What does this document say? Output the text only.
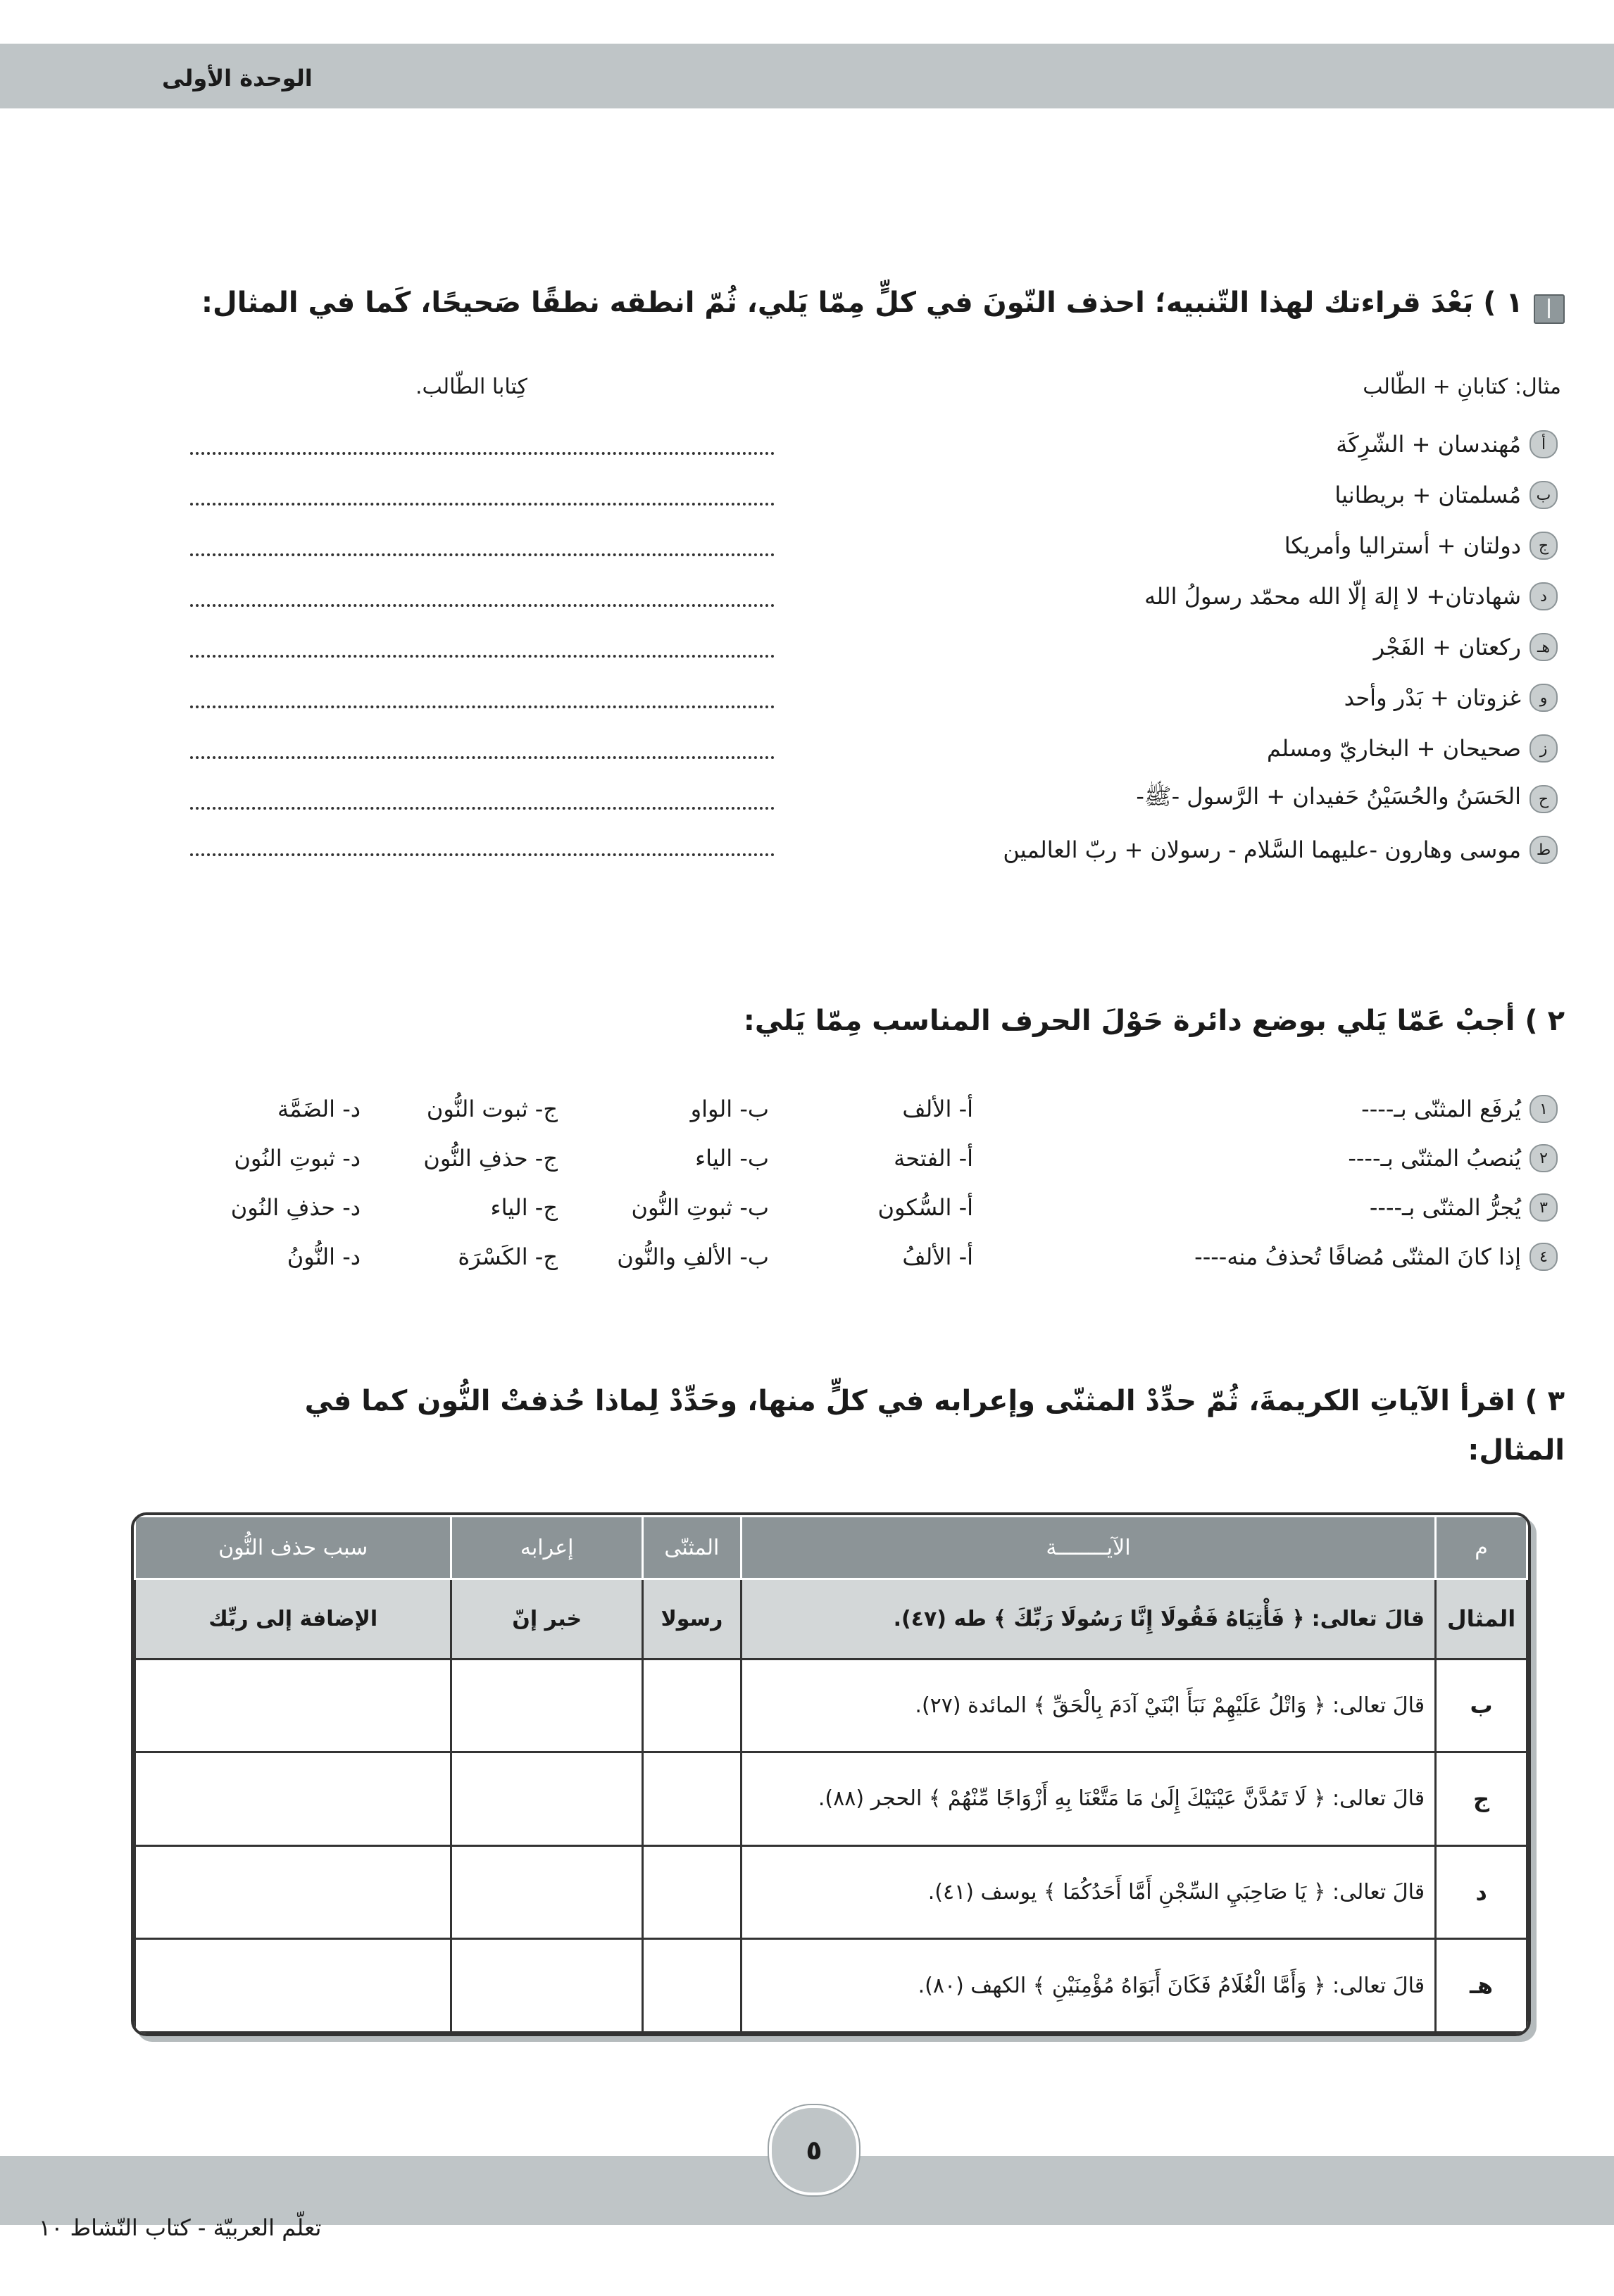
الوحدة الأولى
١ ) بَعْدَ قراءتك لهذا التّنبيه؛ احذف النّونَ في كلٍّ مِمّا يَلي، ثُمّ انطقه نطقًا صَحيحًا، كَما في المثال:
مثال: كتابانِ + الطّالب
كِتابا الطّالب.
أ
مُهندسان + الشّرِكَة
ب
مُسلمتان + بريطانيا
ج
دولتان + أستراليا وأمريكا
د
شهادتان+ لا إلهَ إلّا الله محمّد رسولُ الله
هـ
ركعتان + الفَجْر
و
غزوتان + بَدْر وأحد
ز
صحيحان + البخاريّ ومسلم
ح
الحَسَنُ والحُسَيْنُ حَفيدان + الرَّسول -ﷺ-
ط
موسى وهارون -عليهما السَّلام - رسولان + ربّ العالمين
٢ ) أجبْ عَمّا يَلي بوضع دائرة حَوْلَ الحرف المناسب مِمّا يَلي:
١
يُرفَع المثنّى بـ
----
أ- الألف
ب- الواو
ج- ثبوت النُّون
د- الضَمَّة
٢
يُنصبُ المثنّى بـ
----
أ- الفتحة
ب- الياء
ج- حذفِ النُّون
د- ثبوتِ النُون
٣
يُجرُّ المثنّى بـ
----
أ- السُّكون
ب- ثبوتِ النُّون
ج- الياء
د- حذفِ النُون
٤
إذا كانَ المثنّى مُضافًا تُحذفُ منه
----
أ- الألفُ
ب- الألفِ والنُّون
ج- الكَسْرَة
د- النُّونُ
٣ ) اقرأ الآياتِ الكريمةَ، ثُمّ حدِّدْ المثنّى وإعرابه في كلٍّ منها، وحَدِّدْ لِماذا حُذفتْ النُّون كما في
المثال:
م	الآيــــــــة	المثنّى	إعرابه	سبب حذف النُّون
المثال	قالَ تعالى: ﴿ فَأْتِيَاهُ فَقُولَا إِنَّا رَسُولَا رَبِّكَ ﴾ طه (٤٧).	رسولا	خبر إنّ	الإضافة إلى ربِّك
ب	قالَ تعالى: ﴿ وَاتْلُ عَلَيْهِمْ نَبَأَ ابْنَيْ آدَمَ بِالْحَقِّ ﴾ المائدة (٢٧).			
ج	قالَ تعالى: ﴿ لَا تَمُدَّنَّ عَيْنَيْكَ إِلَىٰ مَا مَتَّعْنَا بِهِ أَزْوَاجًا مِّنْهُمْ ﴾ الحجر (٨٨).			
د	قالَ تعالى: ﴿ يَا صَاحِبَيِ السِّجْنِ أَمَّا أَحَدُكُمَا ﴾ يوسف (٤١).			
هـ	قالَ تعالى: ﴿ وَأَمَّا الْغُلَامُ فَكَانَ أَبَوَاهُ مُؤْمِنَيْنِ ﴾ الكهف (٨٠).			
٥
تعلّم العربيّة - كتاب النّشاط ١٠
